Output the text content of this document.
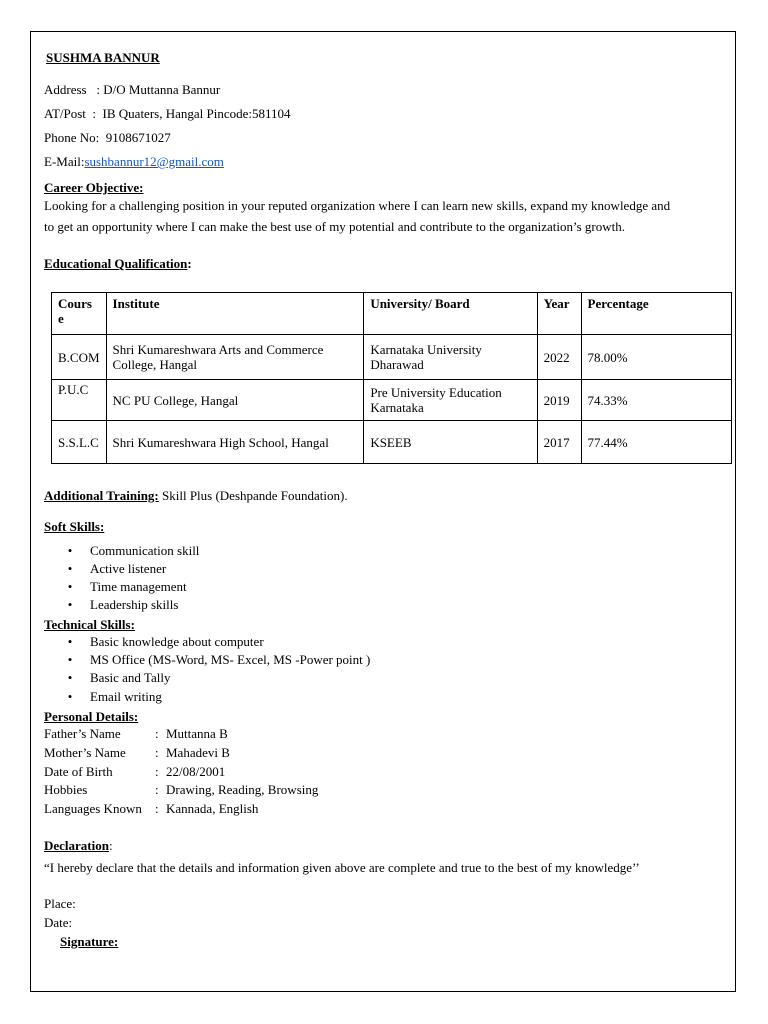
SUSHMA BANNUR
Address   : D/O Muttanna Bannur
AT/Post  :  IB Quaters, Hangal Pincode:581104
Phone No: 9108671027
E-Mail:sushbannur12@gmail.com
Career Objective:
Looking for a challenging position in your reputed organization where I can learn new skills, expand my knowledge and
to get an opportunity where I can make the best use of my potential and contribute to the organization’s growth.
Educational Qualification:
Cours e	Institute	University/ Board	Year	Percentage
B.COM	Shri Kumareshwara Arts and Commerce College, Hangal	Karnataka University Dharawad	2022	78.00%
P.U.C	NC PU College, Hangal	Pre University Education Karnataka	2019	74.33%
S.S.L.C	Shri Kumareshwara High School, Hangal	KSEEB	2017	77.44%
Additional Training: Skill Plus (Deshpande Foundation).
Soft Skills:
• Communication skill
• Active listener
• Time management
• Leadership skills
Technical Skills:
• Basic knowledge about computer
• MS Office (MS-Word, MS- Excel, MS -Power point )
• Basic and Tally
• Email writing
Personal Details:
Father’s Name	: Muttanna B
Mother’s Name : Mahadevi B
Date of Birth	: 22/08/2001
Hobbies	: Drawing, Reading, Browsing
Languages Known : Kannada, English
Declaration:
“I hereby declare that the details and information given above are complete and true to the best of my knowledge’’
Place:
Date:
Signature:
